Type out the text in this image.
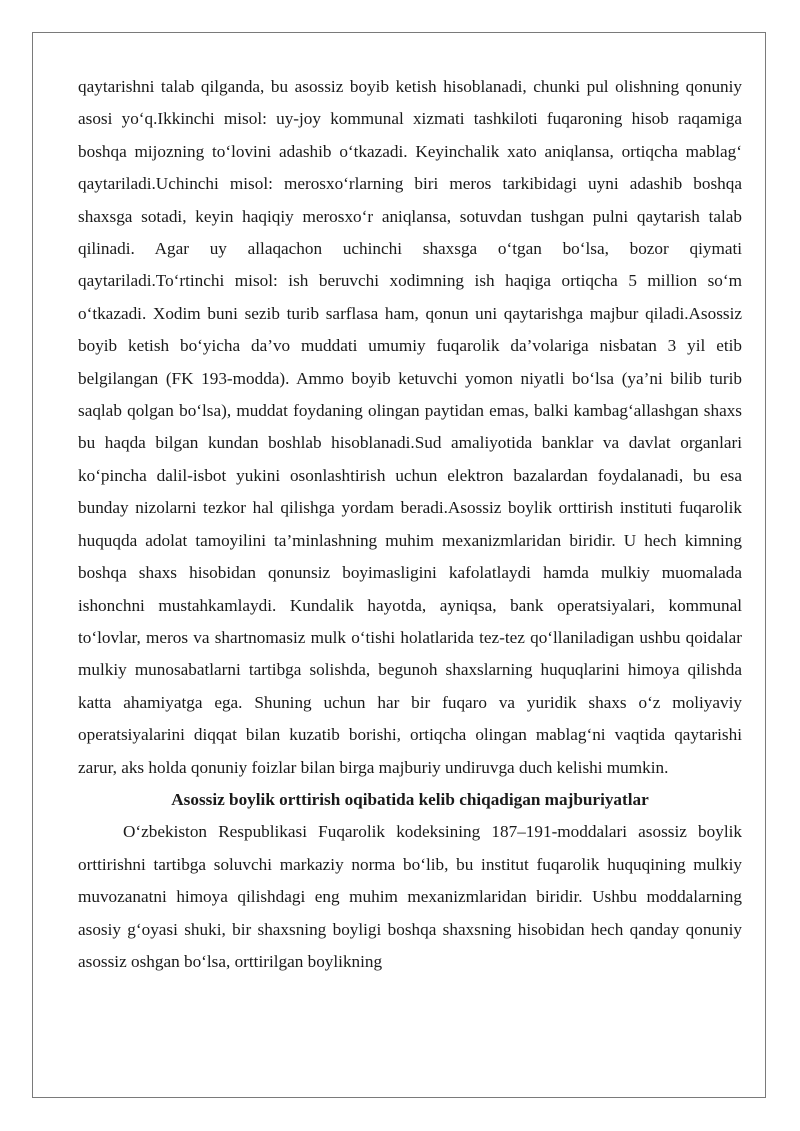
qaytarishni talab qilganda, bu asossiz boyib ketish hisoblanadi, chunki pul olishning qonuniy asosi yo‘q.Ikkinchi misol: uy-joy kommunal xizmati tashkiloti fuqaroning hisob raqamiga boshqa mijozning to‘lovini adashib o‘tkazadi. Keyinchalik xato aniqlansa, ortiqcha mablag‘ qaytariladi.Uchinchi misol: merosxo‘rlarning biri meros tarkibidagi uyni adashib boshqa shaxsga sotadi, keyin haqiqiy merosxo‘r aniqlansa, sotuvdan tushgan pulni qaytarish talab qilinadi. Agar uy allaqachon uchinchi shaxsga o‘tgan bo‘lsa, bozor qiymati qaytariladi.To‘rtinchi misol: ish beruvchi xodimning ish haqiga ortiqcha 5 million so‘m o‘tkazadi. Xodim buni sezib turib sarflasa ham, qonun uni qaytarishga majbur qiladi.Asossiz boyib ketish bo‘yicha da’vo muddati umumiy fuqarolik da’volariga nisbatan 3 yil etib belgilangan (FK 193-modda). Ammo boyib ketuvchi yomon niyatli bo‘lsa (ya’ni bilib turib saqlab qolgan bo‘lsa), muddat foydaning olingan paytidan emas, balki kambag‘allashgan shaxs bu haqda bilgan kundan boshlab hisoblanadi.Sud amaliyotida banklar va davlat organlari ko‘pincha dalil-isbot yukini osonlashtirish uchun elektron bazalardan foydalanadi, bu esa bunday nizolarni tezkor hal qilishga yordam beradi.Asossiz boylik orttirish instituti fuqarolik huquqda adolat tamoyilini ta’minlashning muhim mexanizmlaridan biridir. U hech kimning boshqa shaxs hisobidan qonunsiz boyimasligini kafolatlaydi hamda mulkiy muomalada ishonchni mustahkamlaydi. Kundalik hayotda, ayniqsa, bank operatsiyalari, kommunal to‘lovlar, meros va shartnomasiz mulk o‘tishi holatlarida tez-tez qo‘llaniladigan ushbu qoidalar mulkiy munosabatlarni tartibga solishda, begunoh shaxslarning huquqlarini himoya qilishda katta ahamiyatga ega. Shuning uchun har bir fuqaro va yuridik shaxs o‘z moliyaviy operatsiyalarini diqqat bilan kuzatib borishi, ortiqcha olingan mablag‘ni vaqtida qaytarishi zarur, aks holda qonuniy foizlar bilan birga majburiy undiruvga duch kelishi mumkin.

Asossiz boylik orttirish oqibatida kelib chiqadigan majburiyatlar

O‘zbekiston Respublikasi Fuqarolik kodeksining 187–191-moddalari asossiz boylik orttirishni tartibga soluvchi markaziy norma bo‘lib, bu institut fuqarolik huquqining mulkiy muvozanatni himoya qilishdagi eng muhim mexanizmlaridan biridir. Ushbu moddalarning asosiy g‘oyasi shuki, bir shaxsning boyligi boshqa shaxsning hisobidan hech qanday qonuniy asossiz oshgan bo‘lsa, orttirilgan boylikning
